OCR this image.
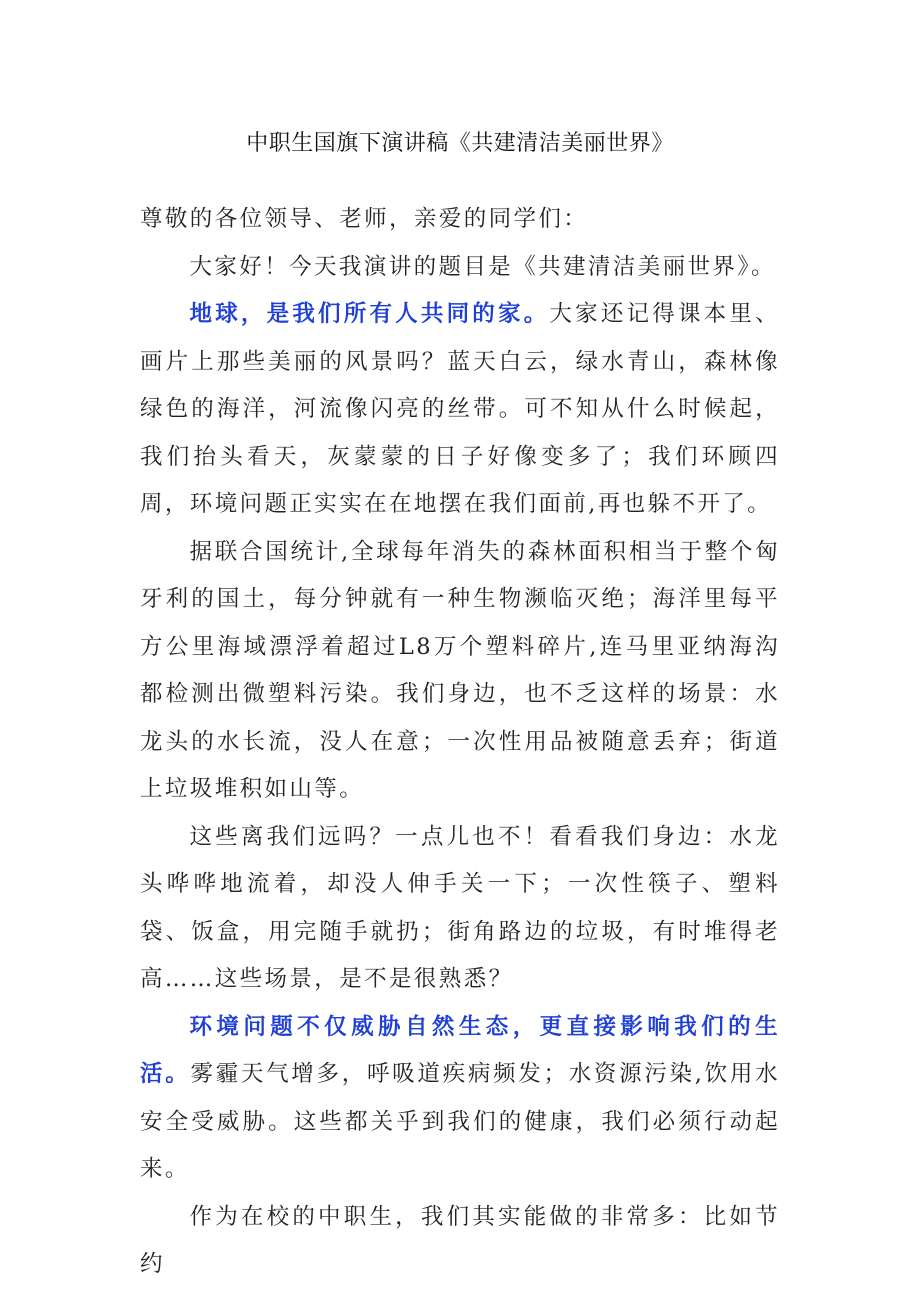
中职生国旗下演讲稿《共建清洁美丽世界》

尊敬的各位领导、老师，亲爱的同学们：

大家好！今天我演讲的题目是《共建清洁美丽世界》。

地球，是我们所有人共同的家。大家还记得课本里、画片上那些美丽的风景吗？蓝天白云，绿水青山，森林像绿色的海洋，河流像闪亮的丝带。可不知从什么时候起，我们抬头看天，灰蒙蒙的日子好像变多了；我们环顾四周，环境问题正实实在在地摆在我们面前,再也躲不开了。

据联合国统计,全球每年消失的森林面积相当于整个匈牙利的国土，每分钟就有一种生物濒临灭绝；海洋里每平方公里海域漂浮着超过L8万个塑料碎片,连马里亚纳海沟都检测出微塑料污染。我们身边，也不乏这样的场景：水龙头的水长流，没人在意；一次性用品被随意丢弃；街道上垃圾堆积如山等。

这些离我们远吗？一点儿也不！看看我们身边：水龙头哗哗地流着，却没人伸手关一下；一次性筷子、塑料袋、饭盒，用完随手就扔；街角路边的垃圾，有时堆得老高……这些场景，是不是很熟悉？

环境问题不仅威胁自然生态，更直接影响我们的生活。雾霾天气增多，呼吸道疾病频发；水资源污染,饮用水安全受威胁。这些都关乎到我们的健康，我们必须行动起来。

作为在校的中职生，我们其实能做的非常多：比如节约
